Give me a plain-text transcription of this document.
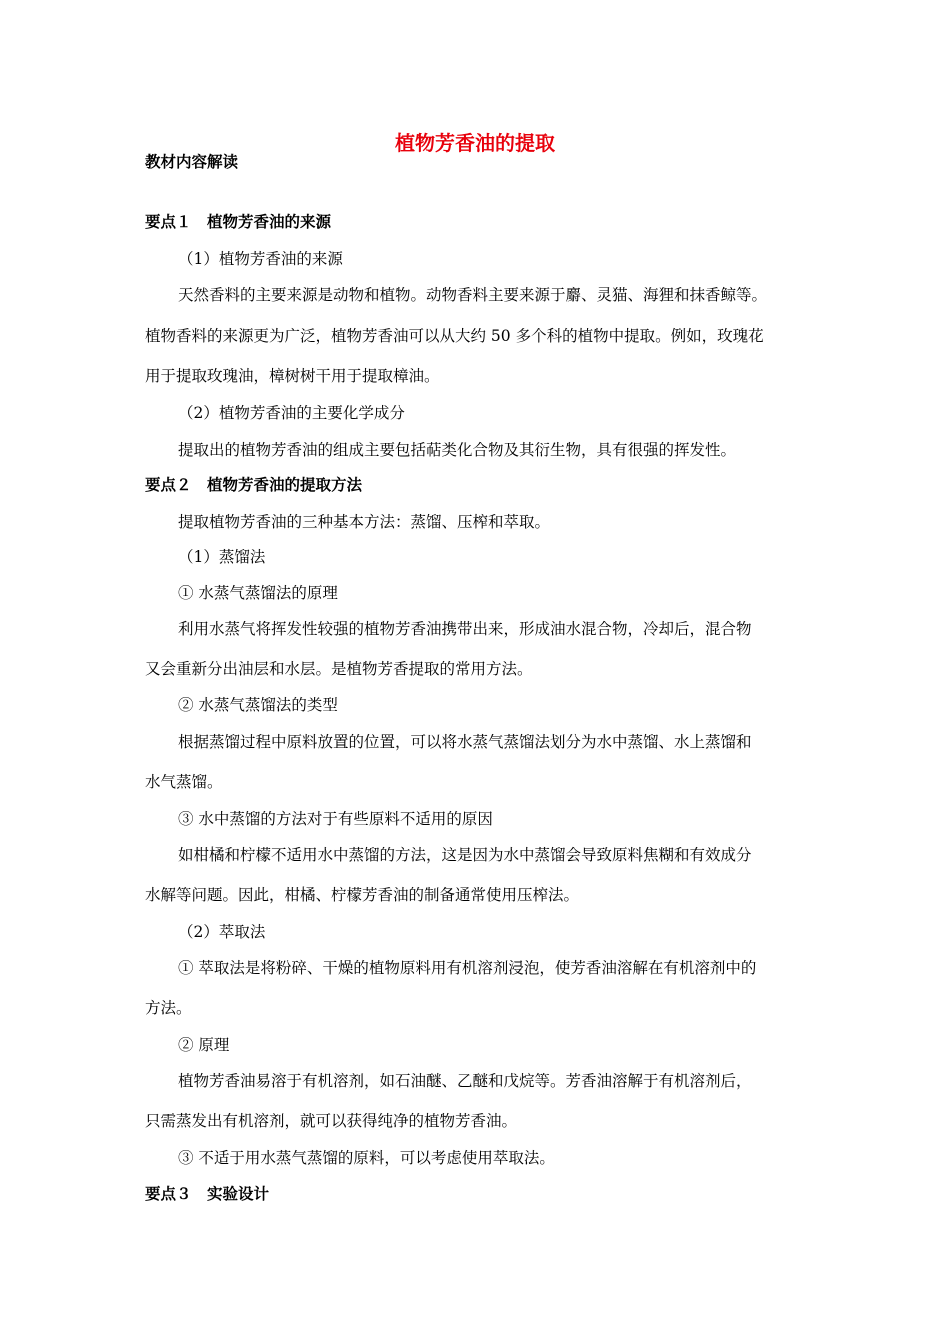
植物芳香油的提取
教材内容解读
要点１　植物芳香油的来源
（1）植物芳香油的来源
天然香料的主要来源是动物和植物。动物香料主要来源于麝、灵猫、海狸和抹香鲸等。
植物香料的来源更为广泛，植物芳香油可以从大约 50 多个科的植物中提取。例如，玫瑰花
用于提取玫瑰油，樟树树干用于提取樟油。
（2）植物芳香油的主要化学成分
提取出的植物芳香油的组成主要包括萜类化合物及其衍生物，具有很强的挥发性。
要点２　植物芳香油的提取方法
提取植物芳香油的三种基本方法：蒸馏、压榨和萃取。
（1）蒸馏法
① 水蒸气蒸馏法的原理
利用水蒸气将挥发性较强的植物芳香油携带出来，形成油水混合物，冷却后，混合物
又会重新分出油层和水层。是植物芳香提取的常用方法。
② 水蒸气蒸馏法的类型
根据蒸馏过程中原料放置的位置，可以将水蒸气蒸馏法划分为水中蒸馏、水上蒸馏和
水气蒸馏。
③ 水中蒸馏的方法对于有些原料不适用的原因
如柑橘和柠檬不适用水中蒸馏的方法，这是因为水中蒸馏会导致原料焦糊和有效成分
水解等问题。因此，柑橘、柠檬芳香油的制备通常使用压榨法。
（2）萃取法
① 萃取法是将粉碎、干燥的植物原料用有机溶剂浸泡，使芳香油溶解在有机溶剂中的
方法。
② 原理
植物芳香油易溶于有机溶剂，如石油醚、乙醚和戊烷等。芳香油溶解于有机溶剂后，
只需蒸发出有机溶剂，就可以获得纯净的植物芳香油。
③ 不适于用水蒸气蒸馏的原料，可以考虑使用萃取法。
要点３　实验设计
